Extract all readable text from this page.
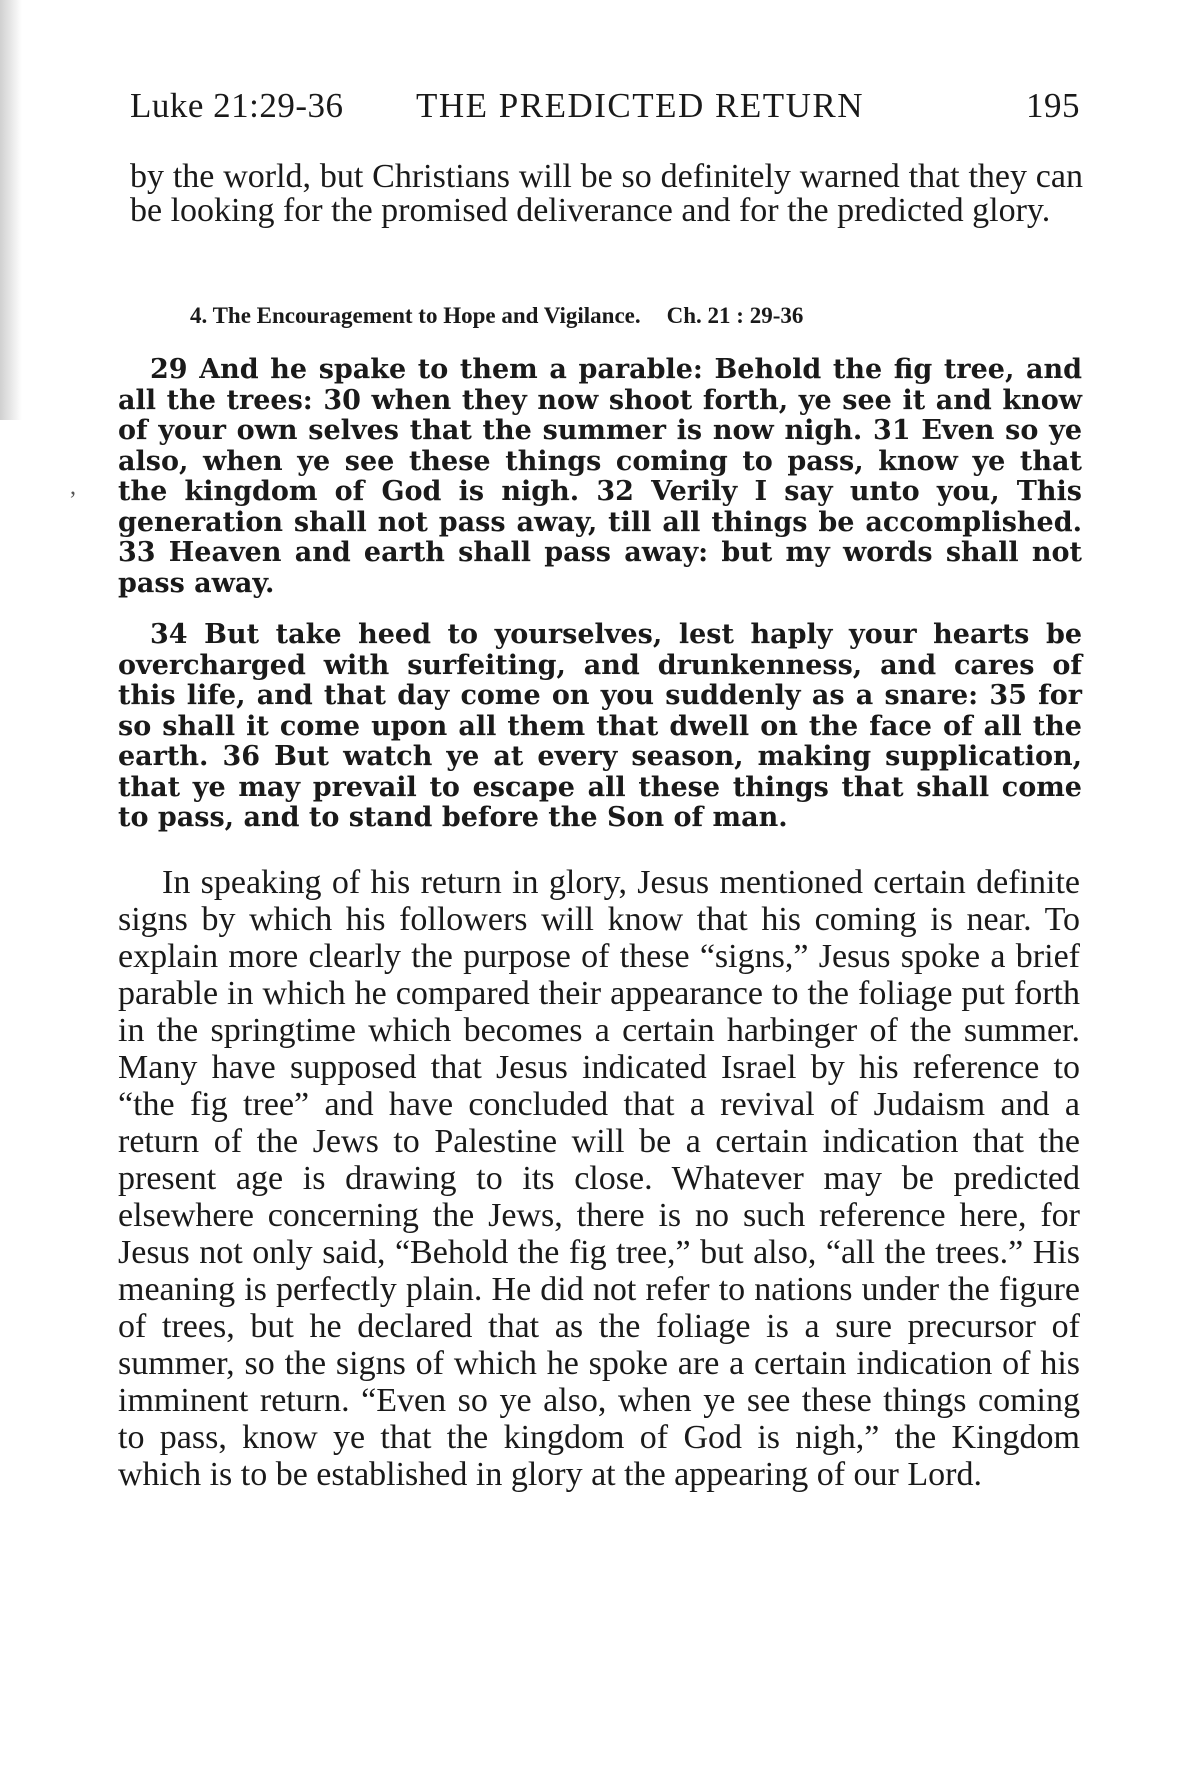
Luke 21:29-36 THE PREDICTED RETURN	195
by the world, but Christians will be so definitely warned that they can be looking for the promised deliverance and for the predicted glory.
4. The Encouragement to Hope and Vigilance. Ch. 21 : 29-36
,

29 And he spake to them a parable: Behold the fig tree, and all the trees: 30 when they now shoot forth, ye see it and know of your own selves that the summer is now nigh. 31 Even so ye also, when ye see these things coming to pass, know ye that the kingdom of God is nigh. 32 Verily I say unto you, This generation shall not pass away, till all things be accomplished. 33 Heaven and earth shall pass away: but my words shall not pass away.

34 But take heed to yourselves, lest haply your hearts be overcharged with surfeiting, and drunkenness, and cares of this life, and that day come on you suddenly as a snare: 35 for so shall it come upon all them that dwell on the face of all the earth. 36 But watch ye at every season, making supplication, that ye may prevail to escape all these things that shall come to pass, and to stand before the Son of man.

In speaking of his return in glory, Jesus mentioned certain definite signs by which his followers will know that his coming is near. To explain more clearly the purpose of these “signs,” Jesus spoke a brief parable in which he compared their appearance to the foliage put forth in the springtime which becomes a certain harbinger of the summer. Many have supposed that Jesus indicated Israel by his reference to “the fig tree” and have concluded that a revival of Judaism and a return of the Jews to Palestine will be a certain indication that the present age is drawing to its close. Whatever may be predicted elsewhere concerning the Jews, there is no such reference here, for Jesus not only said, “Behold the fig tree,” but also, “all the trees.” His meaning is perfectly plain. He did not refer to nations under the figure of trees, but he declared that as the foliage is a sure precursor of summer, so the signs of which he spoke are a certain indication of his imminent return. “Even so ye also, when ye see these things coming to pass, know ye that the kingdom of God is nigh,” the Kingdom which is to be established in glory at the appearing of our Lord.
